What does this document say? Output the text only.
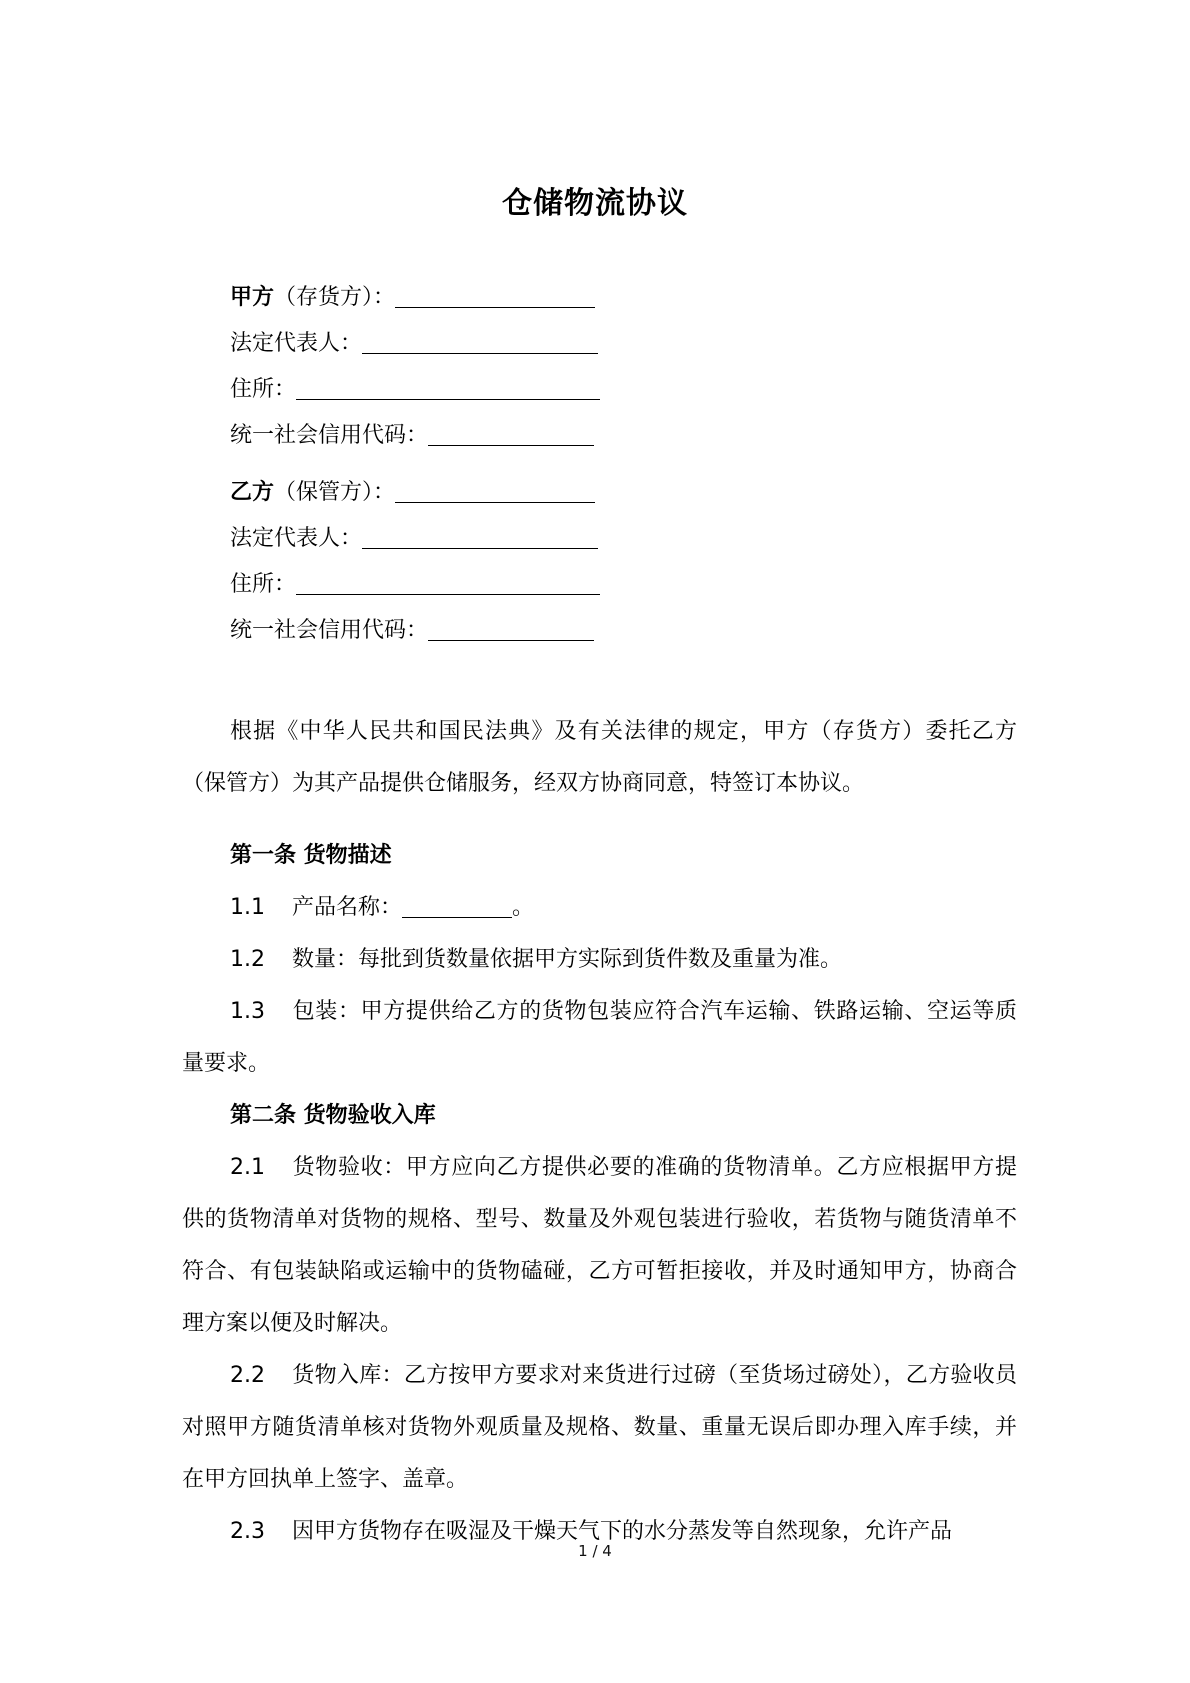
仓储物流协议
甲方（存货方）：
法定代表人：
住所：
统一社会信用代码：
乙方（保管方）：
法定代表人：
住所：
统一社会信用代码：

根据《中华人民共和国民法典》及有关法律的规定，甲方（存货方）委托乙方（保管方）为其产品提供仓储服务，经双方协商同意，特签订本协议。

第一条 货物描述

1.1 产品名称：	。

1.2 数量：每批到货数量依据甲方实际到货件数及重量为准。

1.3 包装：甲方提供给乙方的货物包装应符合汽车运输、铁路运输、空运等质量要求。

第二条 货物验收入库

2.1 货物验收：甲方应向乙方提供必要的准确的货物清单。乙方应根据甲方提供的货物清单对货物的规格、型号、数量及外观包装进行验收，若货物与随货清单不符合、有包装缺陷或运输中的货物磕碰，乙方可暂拒接收，并及时通知甲方，协商合理方案以便及时解决。

2.2 货物入库：乙方按甲方要求对来货进行过磅（至货场过磅处），乙方验收员对照甲方随货清单核对货物外观质量及规格、数量、重量无误后即办理入库手续，并在甲方回执单上签字、盖章。

2.3 因甲方货物存在吸湿及干燥天气下的水分蒸发等自然现象，允许产品

1 / 4
